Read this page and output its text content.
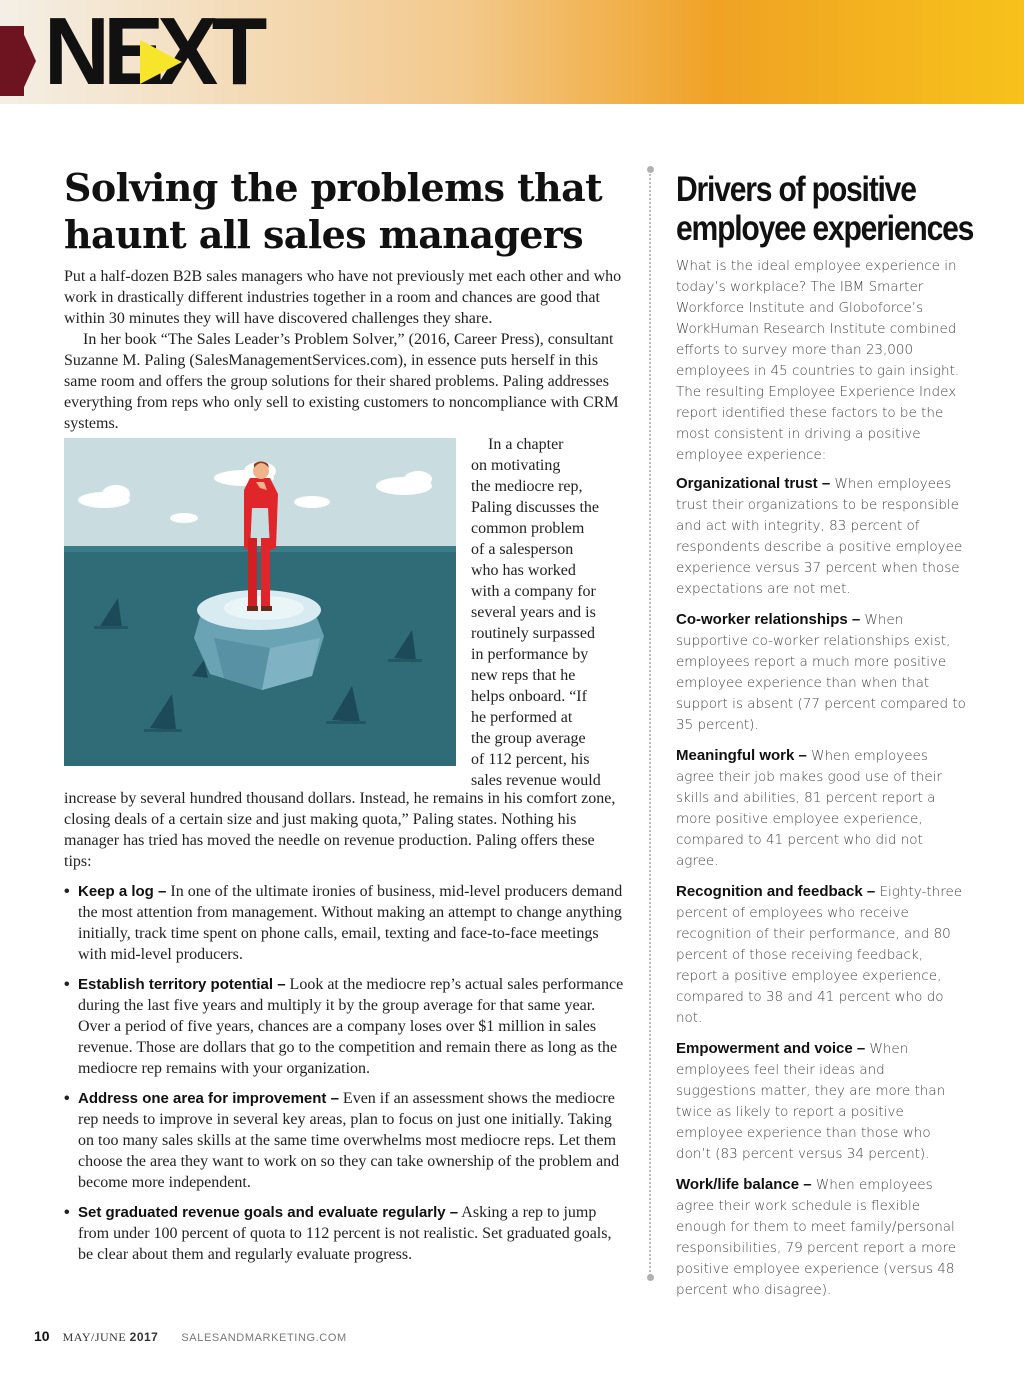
NEXT
Solving the problems that haunt all sales managers

Put a half-dozen B2B sales managers who have not previously met each other and who work in drastically different industries together in a room and chances are good that within 30 minutes they will have discovered challenges they share.

In her book “The Sales Leader’s Problem Solver,” (2016, Career Press), consultant Suzanne M. Paling (SalesManagementServices.com), in essence puts herself in this same room and offers the group solutions for their shared problems. Paling addresses everything from reps who only sell to existing customers to noncompliance with CRM systems.

In a chapter
on motivating
the mediocre rep,
Paling discusses the
common problem
of a salesperson
who has worked
with a company for
several years and is
routinely surpassed
in performance by
new reps that he
helps onboard. “If
he performed at
the group average
of 112 percent, his
sales revenue would

increase by several hundred thousand dollars. Instead, he remains in his comfort zone, closing deals of a certain size and just making quota,” Paling states. Nothing his manager has tried has moved the needle on revenue production. Paling offers these tips:

• Keep a log – In one of the ultimate ironies of business, mid-level producers demand the most attention from management. Without making an attempt to change anything initially, track time spent on phone calls, email, texting and face-to-face meetings with mid-level producers.
• Establish territory potential – Look at the mediocre rep’s actual sales performance during the last five years and multiply it by the group average for that same year. Over a period of five years, chances are a company loses over $1 million in sales revenue. Those are dollars that go to the competition and remain there as long as the mediocre rep remains with your organization.
• Address one area for improvement – Even if an assessment shows the mediocre rep needs to improve in several key areas, plan to focus on just one initially. Taking on too many sales skills at the same time overwhelms most mediocre reps. Let them choose the area they want to work on so they can take ownership of the problem and become more independent.
• Set graduated revenue goals and evaluate regularly – Asking a rep to jump from under 100 percent of quota to 112 percent is not realistic. Set graduated goals, be clear about them and regularly evaluate progress.
Drivers of positive
employee experiences

What is the ideal employee experience in today’s workplace? The IBM Smarter Workforce Institute and Globoforce’s WorkHuman Research Institute combined efforts to survey more than 23,000 employees in 45 countries to gain insight. The resulting Employee Experience Index report identified these factors to be the most consistent in driving a positive employee experience:

Organizational trust – When employees trust their organizations to be responsible and act with integrity, 83 percent of respondents describe a positive employee experience versus 37 percent when those expectations are not met.
Co-worker relationships – When supportive co-worker relationships exist, employees report a much more positive employee experience than when that support is absent (77 percent compared to 35 percent).
Meaningful work – When employees agree their job makes good use of their skills and abilities, 81 percent report a more positive employee experience, compared to 41 percent who did not agree.
Recognition and feedback – Eighty-three percent of employees who receive recognition of their performance, and 80 percent of those receiving feedback, report a positive employee experience, compared to 38 and 41 percent who do not.
Empowerment and voice – When employees feel their ideas and suggestions matter, they are more than twice as likely to report a positive employee experience than those who don’t (83 percent versus 34 percent).
Work/life balance – When employees agree their work schedule is flexible enough for them to meet family/personal responsibilities, 79 percent report a more positive employee experience (versus 48 percent who disagree).
10 MAY/JUNE 2017 SALESANDMARKETING.COM
